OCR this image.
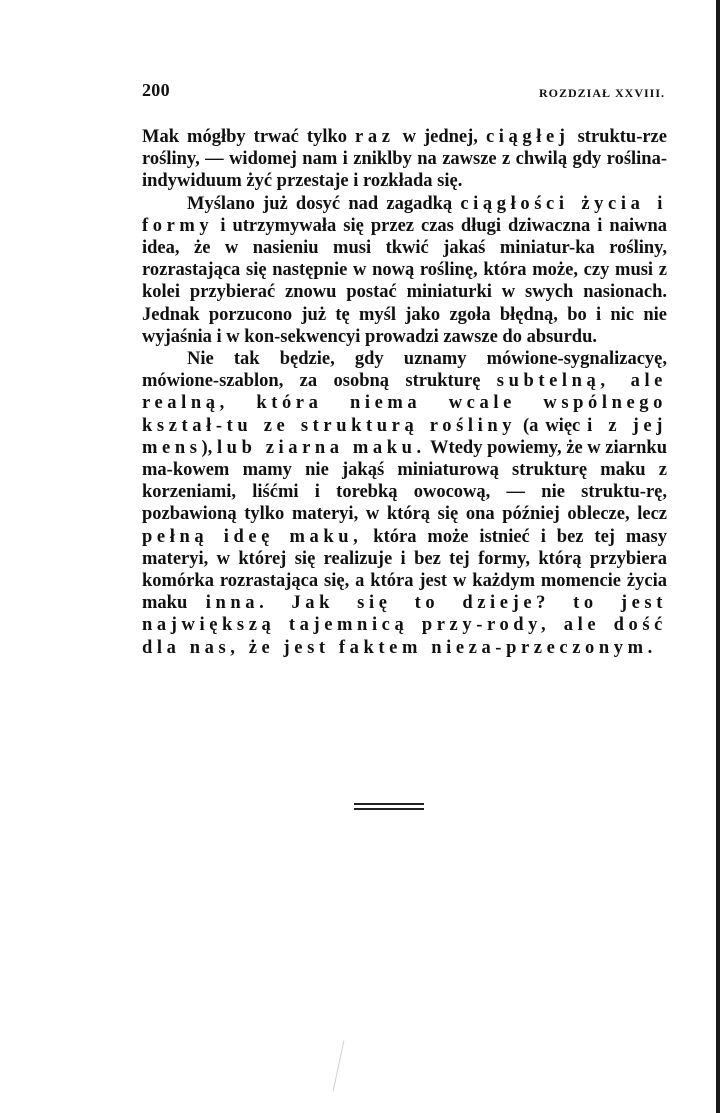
200	ROZDZIAŁ XXVIII.

Mak mógłby trwać tylko raz w jednej, ciągłej struktu-rze rośliny, — widomej nam i zniklby na zawsze z chwilą gdy roślina-indywiduum żyć przestaje i rozkłada się.

Myślano już dosyć nad zagadką ciągłości życia i formy i utrzymywała się przez czas długi dziwaczna i naiwna idea, że w nasieniu musi tkwić jakaś miniatur-ka rośliny, rozrastająca się następnie w nową roślinę, która może, czy musi z kolei przybierać znowu postać miniaturki w swych nasionach. Jednak porzucono już tę myśl jako zgoła błędną, bo i nic nie wyjaśnia i w kon-sekwencyi prowadzi zawsze do absurdu.

Nie tak będzie, gdy uznamy mówione-sygnalizacyę, mówione-szablon, za osobną strukturę subtelną, ale realną, która niema wcale wspólnego kształ-tu ze strukturą rośliny (a więc i z jej mens), lub ziarna maku. Wtedy powiemy, że w ziarnku ma-kowem mamy nie jakąś miniaturową strukturę maku z korzeniami, liśćmi i torebką owocową, — nie struktu-rę, pozbawioną tylko materyi, w którą się ona później oblecze, lecz pełną ideę maku, która może istnieć i bez tej masy materyi, w której się realizuje i bez tej formy, którą przybiera komórka rozrastająca się, a która jest w każdym momencie życia maku inna. Jak się to dzieje? to jest największą tajemnicą przy-rody, ale dość dla nas, że jest faktem nieza-przeczonym.
